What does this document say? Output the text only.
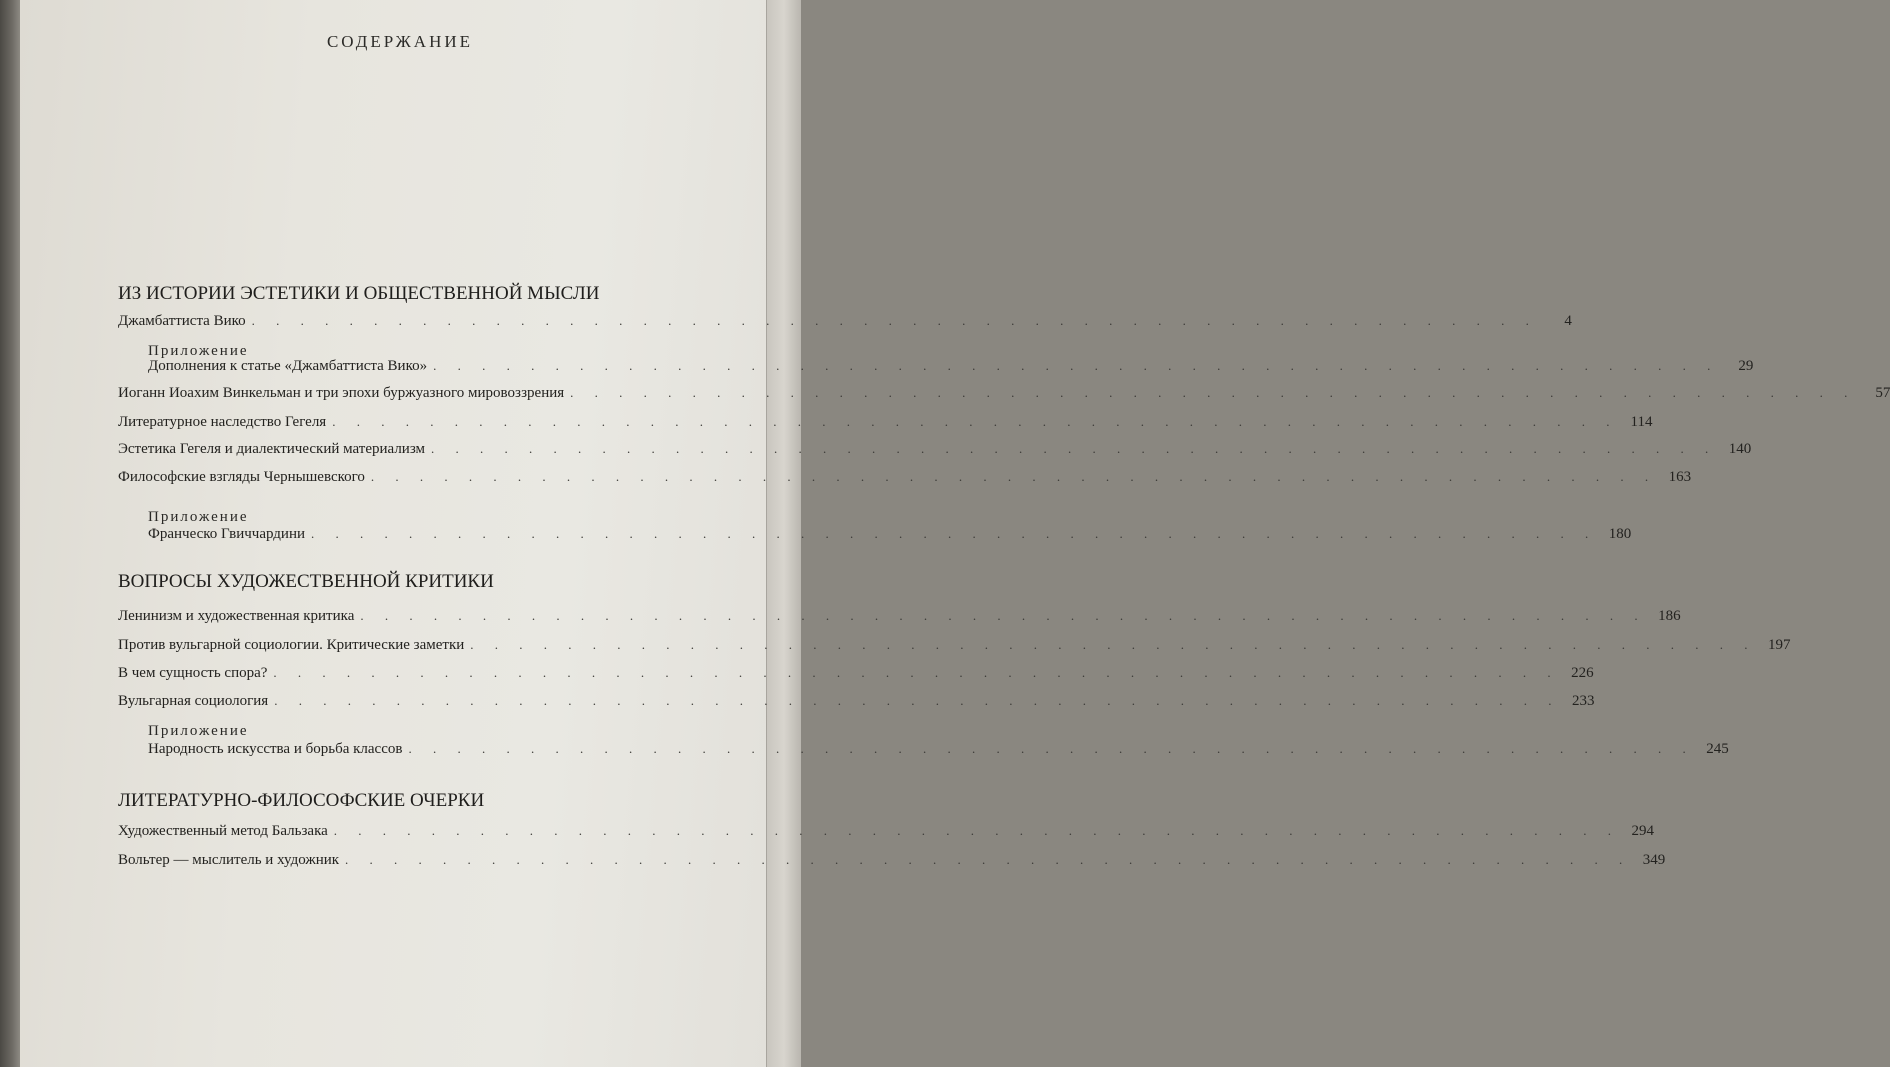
СОДЕРЖАНИЕ
ИЗ ИСТОРИИ ЭСТЕТИКИ И ОБЩЕСТВЕННОЙ МЫСЛИ
Джамбаттиста Вико . . . . . . . . . . . . . . . . . . . . . . . . . . . . . . . . . . . . . . . . . . . . . . . . . . . . .	4
Приложение
Дополнения к статье «Джамбаттиста Вико» . . . . . . . . . . . . . . . . . . . . . . . . . . . . . . . . . . . . . . . . . . . . . . . . . . . . .	29
Иоганн Иоахим Винкельман и три эпохи буржуазного мировоззрения . . . . . . . . . . . . . . . . . . . . . . . . . . . . . . . . . . . . . . . . . . . . . . . . . . . . .	57
Литературное наследство Гегеля . . . . . . . . . . . . . . . . . . . . . . . . . . . . . . . . . . . . . . . . . . . . . . . . . . . . . 114
Эстетика Гегеля и диалектический материализм . . . . . . . . . . . . . . . . . . . . . . . . . . . . . . . . . . . . . . . . . . . . . . . . . . . . . 140
Философские взгляды Чернышевского . . . . . . . . . . . . . . . . . . . . . . . . . . . . . . . . . . . . . . . . . . . . . . . . . . . . . 163
Приложение
Франческо Гвиччардини . . . . . . . . . . . . . . . . . . . . . . . . . . . . . . . . . . . . . . . . . . . . . . . . . . . . . 180
ВОПРОСЫ ХУДОЖЕСТВЕННОЙ КРИТИКИ
Ленинизм и художественная критика . . . . . . . . . . . . . . . . . . . . . . . . . . . . . . . . . . . . . . . . . . . . . . . . . . . . . 186
Против вульгарной социологии. Критические заметки . . . . . . . . . . . . . . . . . . . . . . . . . . . . . . . . . . . . . . . . . . . . . . . . . . . . . 197
В чем сущность спора? . . . . . . . . . . . . . . . . . . . . . . . . . . . . . . . . . . . . . . . . . . . . . . . . . . . . . 226
Вульгарная социология . . . . . . . . . . . . . . . . . . . . . . . . . . . . . . . . . . . . . . . . . . . . . . . . . . . . . 233
Приложение
Народность искусства и борьба классов . . . . . . . . . . . . . . . . . . . . . . . . . . . . . . . . . . . . . . . . . . . . . . . . . . . . . 245
ЛИТЕРАТУРНО-ФИЛОСОФСКИЕ ОЧЕРКИ
Художественный метод Бальзака . . . . . . . . . . . . . . . . . . . . . . . . . . . . . . . . . . . . . . . . . . . . . . . . . . . . . 294
Вольтер — мыслитель и художник . . . . . . . . . . . . . . . . . . . . . . . . . . . . . . . . . . . . . . . . . . . . . . . . . . . . . 349
